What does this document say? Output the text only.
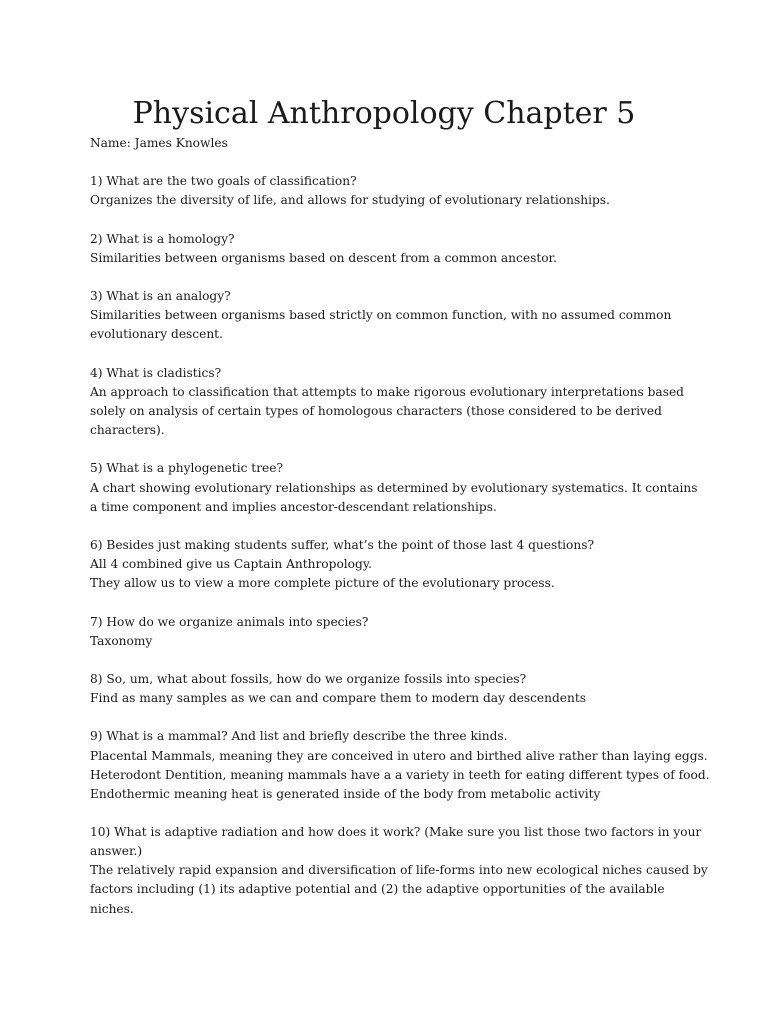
Physical Anthropology Chapter 5
Name: James Knowles
1) What are the two goals of classification?
Organizes the diversity of life, and allows for studying of evolutionary relationships.
2) What is a homology?
Similarities between organisms based on descent from a common ancestor.
3) What is an analogy?
Similarities between organisms based strictly on common function, with no assumed common
evolutionary descent.
4) What is cladistics?
An approach to classification that attempts to make rigorous evolutionary interpretations based
solely on analysis of certain types of homologous characters (those considered to be derived
characters).
5) What is a phylogenetic tree?
A chart showing evolutionary relationships as determined by evolutionary systematics. It contains
a time component and implies ancestor-descendant relationships.
6) Besides just making students suffer, what’s the point of those last 4 questions?
All 4 combined give us Captain Anthropology.
They allow us to view a more complete picture of the evolutionary process.
7) How do we organize animals into species?
Taxonomy
8) So, um, what about fossils, how do we organize fossils into species?
Find as many samples as we can and compare them to modern day descendents
9) What is a mammal? And list and briefly describe the three kinds.
Placental Mammals, meaning they are conceived in utero and birthed alive rather than laying eggs.
Heterodont Dentition, meaning mammals have a a variety in teeth for eating different types of food.
Endothermic meaning heat is generated inside of the body from metabolic activity
10) What is adaptive radiation and how does it work? (Make sure you list those two factors in your
answer.)
The relatively rapid expansion and diversification of life-forms into new ecological niches caused by
factors including (1) its adaptive potential and (2) the adaptive opportunities of the available
niches.
